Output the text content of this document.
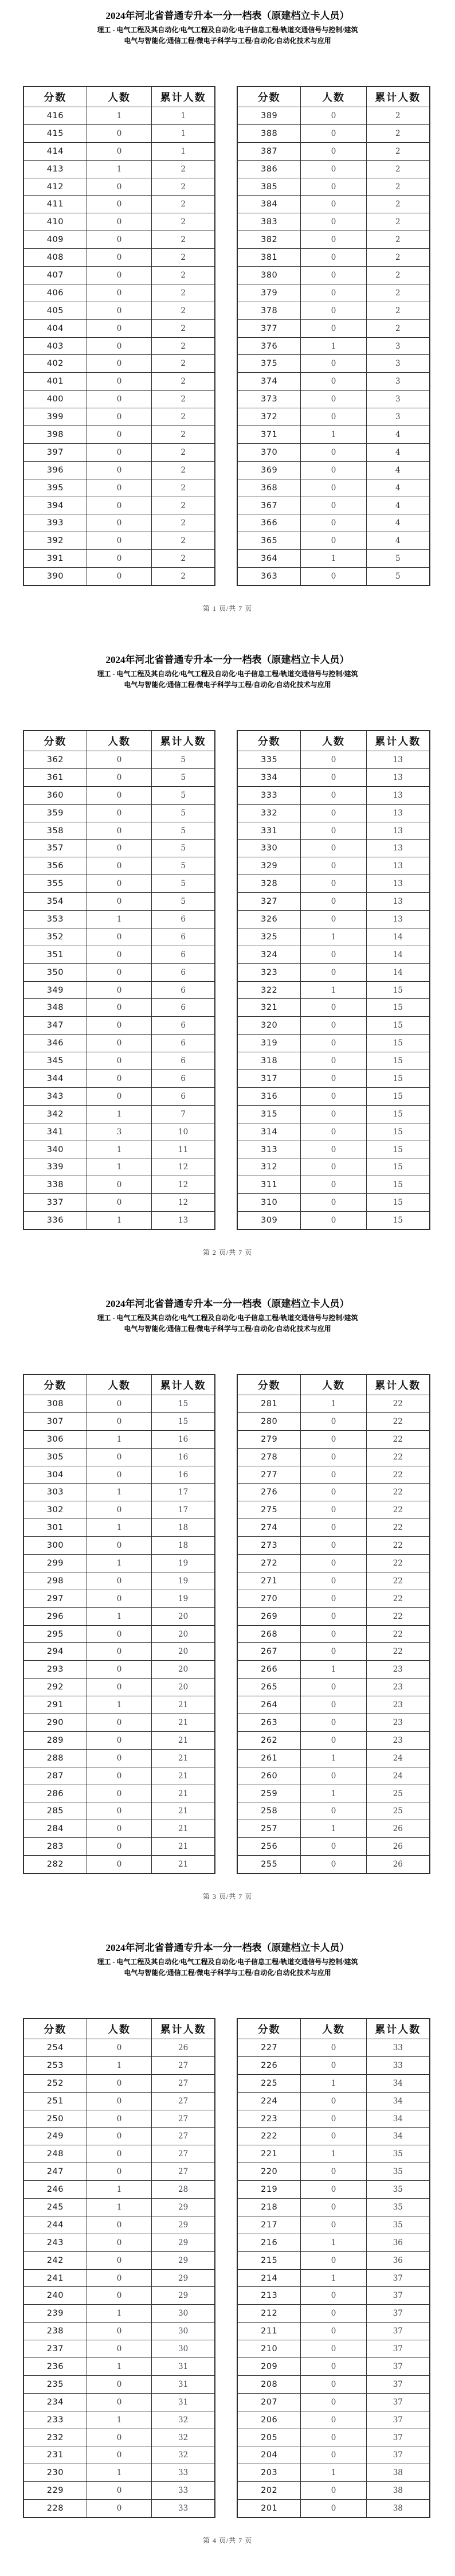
2024年河北省普通专升本一分一档表（原建档立卡人员）
理工 - 电气工程及其自动化/电气工程及自动化/电子信息工程/轨道交通信号与控制/建筑
电气与智能化/通信工程/微电子科学与工程/自动化/自动化技术与应用
分数	人数	累计人数
416	1	1
415	0	1
414	0	1
413	1	2
412	0	2
411	0	2
410	0	2
409	0	2
408	0	2
407	0	2
406	0	2
405	0	2
404	0	2
403	0	2
402	0	2
401	0	2
400	0	2
399	0	2
398	0	2
397	0	2
396	0	2
395	0	2
394	0	2
393	0	2
392	0	2
391	0	2
390	0	2
分数	人数	累计人数
389	0	2
388	0	2
387	0	2
386	0	2
385	0	2
384	0	2
383	0	2
382	0	2
381	0	2
380	0	2
379	0	2
378	0	2
377	0	2
376	1	3
375	0	3
374	0	3
373	0	3
372	0	3
371	1	4
370	0	4
369	0	4
368	0	4
367	0	4
366	0	4
365	0	4
364	1	5
363	0	5
第 1 页/共 7 页
2024年河北省普通专升本一分一档表（原建档立卡人员）
理工 - 电气工程及其自动化/电气工程及自动化/电子信息工程/轨道交通信号与控制/建筑
电气与智能化/通信工程/微电子科学与工程/自动化/自动化技术与应用
分数	人数	累计人数
362	0	5
361	0	5
360	0	5
359	0	5
358	0	5
357	0	5
356	0	5
355	0	5
354	0	5
353	1	6
352	0	6
351	0	6
350	0	6
349	0	6
348	0	6
347	0	6
346	0	6
345	0	6
344	0	6
343	0	6
342	1	7
341	3	10
340	1	11
339	1	12
338	0	12
337	0	12
336	1	13
分数	人数	累计人数
335	0	13
334	0	13
333	0	13
332	0	13
331	0	13
330	0	13
329	0	13
328	0	13
327	0	13
326	0	13
325	1	14
324	0	14
323	0	14
322	1	15
321	0	15
320	0	15
319	0	15
318	0	15
317	0	15
316	0	15
315	0	15
314	0	15
313	0	15
312	0	15
311	0	15
310	0	15
309	0	15
第 2 页/共 7 页
2024年河北省普通专升本一分一档表（原建档立卡人员）
理工 - 电气工程及其自动化/电气工程及自动化/电子信息工程/轨道交通信号与控制/建筑
电气与智能化/通信工程/微电子科学与工程/自动化/自动化技术与应用
分数	人数	累计人数
308	0	15
307	0	15
306	1	16
305	0	16
304	0	16
303	1	17
302	0	17
301	1	18
300	0	18
299	1	19
298	0	19
297	0	19
296	1	20
295	0	20
294	0	20
293	0	20
292	0	20
291	1	21
290	0	21
289	0	21
288	0	21
287	0	21
286	0	21
285	0	21
284	0	21
283	0	21
282	0	21
分数	人数	累计人数
281	1	22
280	0	22
279	0	22
278	0	22
277	0	22
276	0	22
275	0	22
274	0	22
273	0	22
272	0	22
271	0	22
270	0	22
269	0	22
268	0	22
267	0	22
266	1	23
265	0	23
264	0	23
263	0	23
262	0	23
261	1	24
260	0	24
259	1	25
258	0	25
257	1	26
256	0	26
255	0	26
第 3 页/共 7 页
2024年河北省普通专升本一分一档表（原建档立卡人员）
理工 - 电气工程及其自动化/电气工程及自动化/电子信息工程/轨道交通信号与控制/建筑
电气与智能化/通信工程/微电子科学与工程/自动化/自动化技术与应用
分数	人数	累计人数
254	0	26
253	1	27
252	0	27
251	0	27
250	0	27
249	0	27
248	0	27
247	0	27
246	1	28
245	1	29
244	0	29
243	0	29
242	0	29
241	0	29
240	0	29
239	1	30
238	0	30
237	0	30
236	1	31
235	0	31
234	0	31
233	1	32
232	0	32
231	0	32
230	1	33
229	0	33
228	0	33
分数	人数	累计人数
227	0	33
226	0	33
225	1	34
224	0	34
223	0	34
222	0	34
221	1	35
220	0	35
219	0	35
218	0	35
217	0	35
216	1	36
215	0	36
214	1	37
213	0	37
212	0	37
211	0	37
210	0	37
209	0	37
208	0	37
207	0	37
206	0	37
205	0	37
204	0	37
203	1	38
202	0	38
201	0	38
第 4 页/共 7 页
